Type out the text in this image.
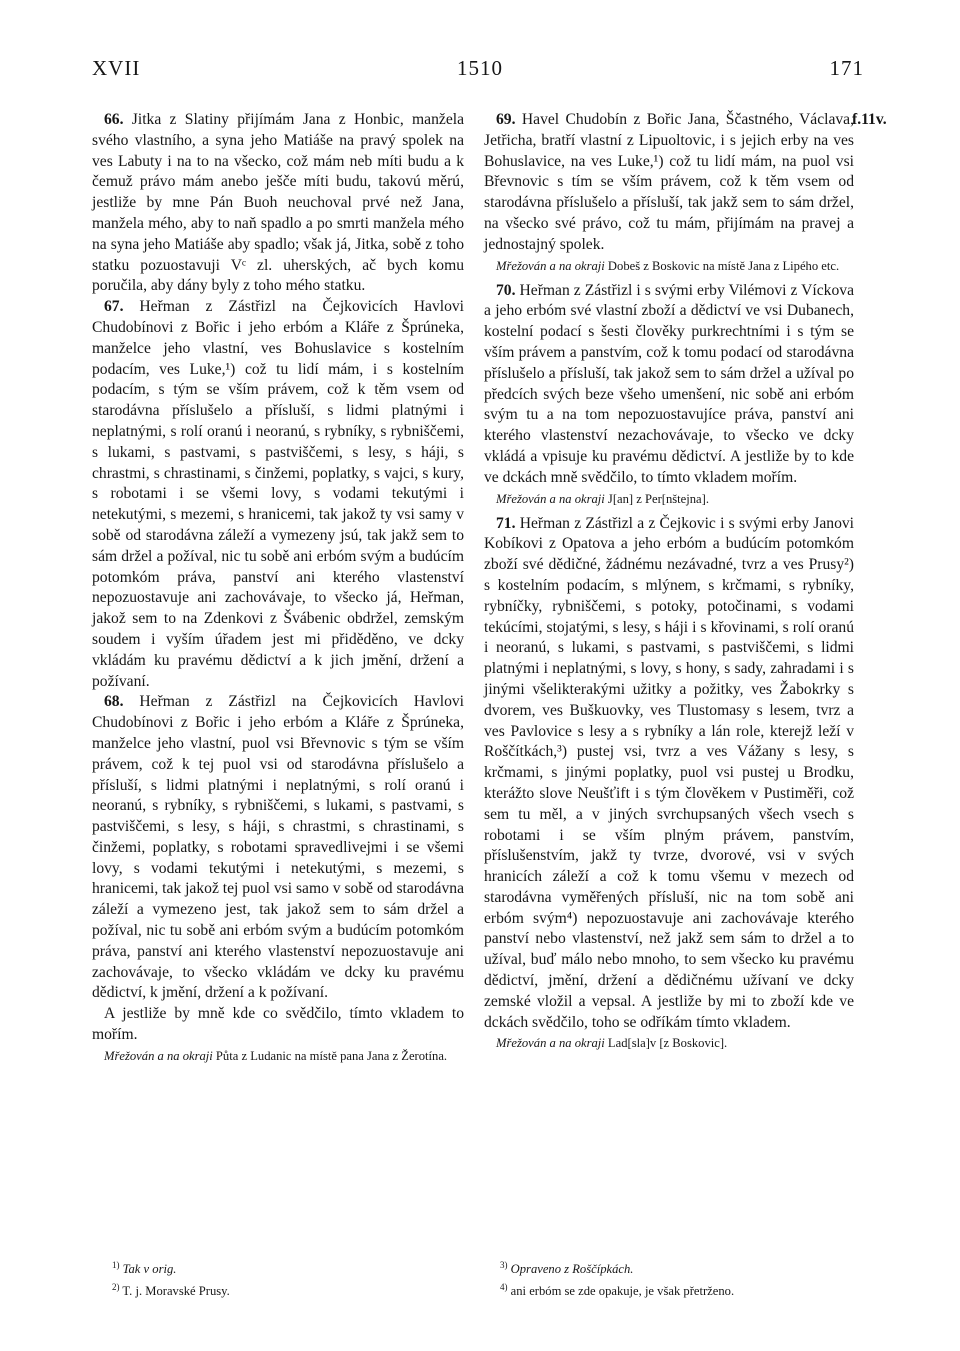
XVII	1510	171
f.11v.

66. Jitka z Slatiny přijímám Jana z Honbic, manžela svého vlastního, a syna jeho Matiáše na pravý spolek na ves Labuty i na to na všecko, což mám neb míti budu a k čemuž právo mám anebo ješče míti budu, takovú měrú, jestliže by mne Pán Buoh neuchoval prvé než Jana, manžela mého, aby to naň spadlo a po smrti manžela mého na syna jeho Matiáše aby spadlo; však já, Jitka, sobě z toho statku pozuostavuji Vᶜ zl. uherských, ač bych komu poručila, aby dány byly z toho mého statku.

67. Heřman z Zástřizl na Čejkovicích Havlovi Chudobínovi z Bořic i jeho erbóm a Kláře z Šprúneka, manželce jeho vlastní, ves Bohuslavice s kostelním podacím, ves Luke,¹) což tu lidí mám, i s kostelním podacím, s tým se vším právem, což k těm vsem od starodávna příslušelo a přísluší, s lidmi platnými i neplatnými, s rolí oranú i neoranú, s rybníky, s rybniščemi, s lukami, s pastvami, s pastviščemi, s lesy, s háji, s chrastmi, s chrastinami, s činžemi, poplatky, s vajci, s kury, s robotami i se všemi lovy, s vodami tekutými i netekutými, s mezemi, s hranicemi, tak jakož ty vsi samy v sobě od starodávna záleží a vymezeny jsú, tak jakž sem to sám držel a požíval, nic tu sobě ani erbóm svým a budúcím potomkóm práva, panství ani kterého vlastenství nepozuostavuje ani zachovávaje, to všecko já, Heřman, jakož sem to na Zdenkovi z Švábenic obdržel, zemským soudem i vyším úřadem jest mi přiděděno, ve dcky vkládám ku pravému dědictví a k jich jmění, držení a požívaní.

68. Heřman z Zástřizl na Čejkovicích Havlovi Chudobínovi z Bořic i jeho erbóm a Kláře z Šprúneka, manželce jeho vlastní, puol vsi Břevnovic s tým se vším právem, což k tej puol vsi od starodávna příslušelo a přísluší, s lidmi platnými i neplatnými, s rolí oranú i neoranú, s rybníky, s rybniščemi, s lukami, s pastvami, s pastviščemi, s lesy, s háji, s chrastmi, s chrastinami, s činžemi, poplatky, s robotami spravedlivejmi i se všemi lovy, s vodami tekutými i netekutými, s mezemi, s hranicemi, tak jakož tej puol vsi samo v sobě od starodávna záleží a vymezeno jest, tak jakož sem to sám držel a požíval, nic tu sobě ani erbóm svým a budúcím potomkóm práva, panství ani kterého vlastenství nepozuostavuje ani zachovávaje, to všecko vkládám ve dcky ku pravému dědictví, k jmění, držení a k požívaní.

A jestliže by mně kde co svědčilo, tímto vkladem to mořím.

Mřežován a na okraji Půta z Ludanic na místě pana Jana z Žerotína.

69. Havel Chudobín z Bořic Jana, Ščastného, Václava, Jetřicha, bratří vlastní z Lipuoltovic, i s jejich erby na ves Bohuslavice, na ves Luke,¹) což tu lidí mám, na puol vsi Břevnovic s tím se vším právem, což k těm vsem od starodávna příslušelo a přísluší, tak jakž sem to sám držel, na všecko své právo, což tu mám, přijímám na pravej a jednostajný spolek.

Mřežován a na okraji Dobeš z Boskovic na místě Jana z Lipého etc.

70. Heřman z Zástřizl i s svými erby Vilémovi z Víckova a jeho erbóm své vlastní zboží a dědictví ve vsi Dubanech, kostelní podací s šesti člověky purkrechtními i s tým se vším právem a panstvím, což k tomu podací od starodávna příslušelo a přísluší, tak jakož sem to sám držel a užíval po předcích svých beze všeho umenšení, nic sobě ani erbóm svým tu a na tom nepozuostavujíce práva, panství ani kterého vlastenství nezachovávaje, to všecko ve dcky vkládá a vpisuje ku pravému dědictví. A jestliže by to kde ve dckách mně svědčilo, to tímto vkladem mořím.

Mřežován a na okraji J[an] z Per[nštejna].

71. Heřman z Zástřizl a z Čejkovic i s svými erby Janovi Kobíkovi z Opatova a jeho erbóm a budúcím potomkóm zboží své dědičné, žádnému nezávadné, tvrz a ves Prusy²) s kostelním podacím, s mlýnem, s krčmami, s rybníky, rybníčky, rybniščemi, s potoky, potočinami, s vodami tekúcími, stojatými, s lesy, s háji i s křovinami, s rolí oranú i neoranú, s lukami, s pastvami, s pastviščemi, s lidmi platnými i neplatnými, s lovy, s hony, s sady, zahradami i s jinými všelikterakými užitky a požitky, ves Žabokrky s dvorem, ves Buškuovky, ves Tlustomasy s lesem, tvrz a ves Pavlovice s lesy a s rybníky a lán role, kterejž leží v Roščítkách,³) pustej vsi, tvrz a ves Vážany s lesy, s krčmami, s jinými poplatky, puol vsi pustej u Brodku, kterážto slove Neušťift i s tým člověkem v Pustiměři, což sem tu měl, a v jiných svrchupsaných všech vsech s robotami i se vším plným právem, panstvím, příslušenstvím, jakž ty tvrze, dvorové, vsi v svých hranicích záleží a což k tomu všemu v mezech od starodávna vyměřených přísluší, nic na tom sobě ani erbóm svým⁴) nepozuostavuje ani zachovávaje kterého panství nebo vlastenství, než jakž sem sám to držel a to užíval, buď málo nebo mnoho, to sem všecko ku pravému dědictví, jmění, držení a dědičnému užívaní ve dcky zemské vložil a vepsal. A jestliže by mi to zboží kde ve dckách svědčilo, toho se odříkám tímto vkladem.

Mřežován a na okraji Lad[sla]v [z Boskovic].

$^{1)}$ Tak v orig.

$^{2)}$ T. j. Moravské Prusy.

$^{3)}$ Opraveno z Roščípkách.

$^{4)}$ ani erbóm se zde opakuje, je však přetrženo.
